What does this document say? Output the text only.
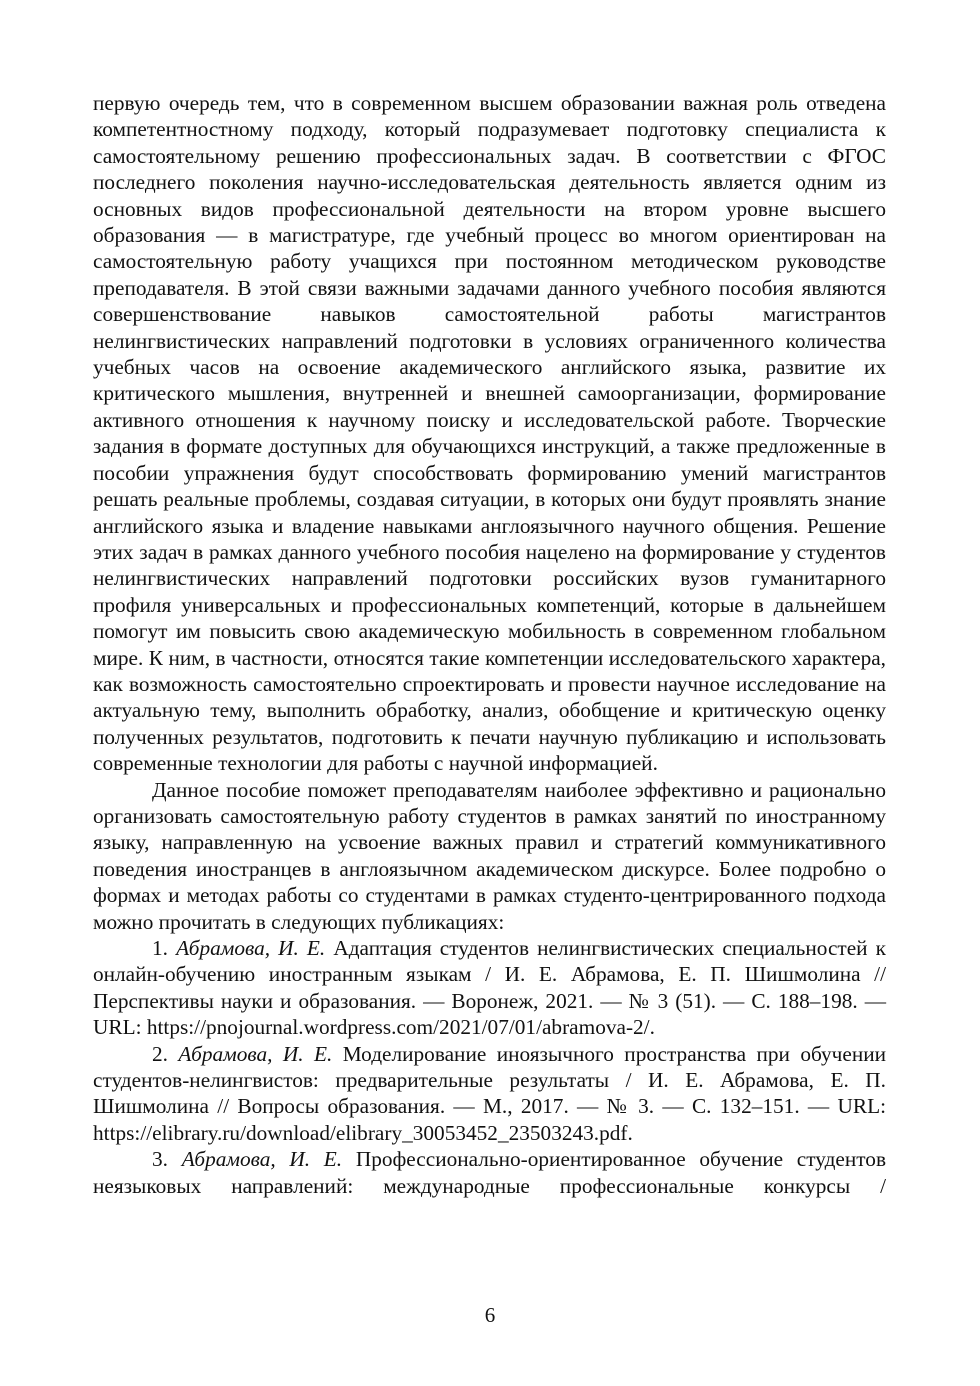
первую очередь тем, что в современном высшем образовании важная роль отведена компетентностному подходу, который подразумевает подготовку специалиста к самостоятельному решению профессиональных задач. В соответствии с ФГОС последнего поколения научно-исследовательская деятельность является одним из основных видов профессиональной деятельности на втором уровне высшего образования — в магистратуре, где учебный процесс во многом ориентирован на самостоятельную работу учащихся при постоянном методическом руководстве преподавателя. В этой связи важными задачами данного учебного пособия являются совершенствование навыков самостоятельной работы магистрантов нелингвистических направлений подготовки в условиях ограниченного количества учебных часов на освоение академического английского языка, развитие их критического мышления, внутренней и внешней самоорганизации, формирование активного отношения к научному поиску и исследовательской работе. Творческие задания в формате доступных для обучающихся инструкций, а также предложенные в пособии упражнения будут способствовать формированию умений магистрантов решать реальные проблемы, создавая ситуации, в которых они будут проявлять знание английского языка и владение навыками англоязычного научного общения. Решение этих задач в рамках данного учебного пособия нацелено на формирование у студентов нелингвистических направлений подготовки российских вузов гуманитарного профиля универсальных и профессиональных компетенций, которые в дальнейшем помогут им повысить свою академическую мобильность в современном глобальном мире. К ним, в частности, относятся такие компетенции исследовательского характера, как возможность самостоятельно спроектировать и провести научное исследование на актуальную тему, выполнить обработку, анализ, обобщение и критическую оценку полученных результатов, подготовить к печати научную публикацию и использовать современные технологии для работы с научной информацией.

Данное пособие поможет преподавателям наиболее эффективно и рационально организовать самостоятельную работу студентов в рамках занятий по иностранному языку, направленную на усвоение важных правил и стратегий коммуникативного поведения иностранцев в англоязычном академическом дискурсе. Более подробно о формах и методах работы со студентами в рамках студенто-центрированного подхода можно прочитать в следующих публикациях:

1. Абрамова, И. Е. Адаптация студентов нелингвистических специальностей к онлайн-обучению иностранным языкам / И. Е. Абрамова, Е. П. Шишмолина // Перспективы науки и образования. — Воронеж, 2021. — № 3 (51). — С. 188–198. — URL: https://pnojournal.wordpress.com/2021/07/01/abramova-2/.

2. Абрамова, И. Е. Моделирование иноязычного пространства при обучении студентов-нелингвистов: предварительные результаты / И. Е. Абрамова, Е. П. Шишмолина // Вопросы образования. — М., 2017. — № 3. — С. 132–151. — URL: https://elibrary.ru/download/elibrary_30053452_23503243.pdf.

3. Абрамова, И. Е. Профессионально-ориентированное обучение студентов неязыковых направлений: международные профессиональные конкурсы /

6
